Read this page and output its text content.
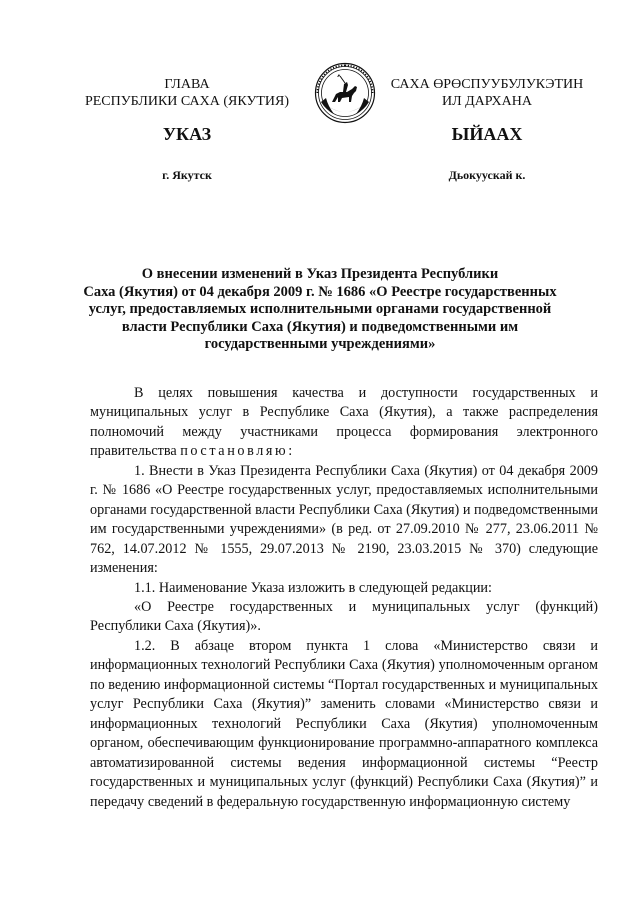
ГЛАВА
РЕСПУБЛИКИ САХА (ЯКУТИЯ)
САХА ӨРӨСПУУБУЛУКЭТИН
ИЛ ДАРХАНА
УКАЗ	ЫЙААХ
г. Якутск	Дьокуускай к.
О внесении изменений в Указ Президента Республики
Саха (Якутия) от 04 декабря 2009 г. № 1686 «О Реестре государственных
услуг, предоставляемых исполнительными органами государственной
власти Республики Саха (Якутия) и подведомственными им
государственными учреждениями»

В целях повышения качества и доступности государственных и муниципальных услуг в Республике Саха (Якутия), а также распределения полномочий между участниками процесса формирования электронного правительства постановляю:

1. Внести в Указ Президента Республики Саха (Якутия) от 04 декабря 2009 г. № 1686 «О Реестре государственных услуг, предоставляемых исполнительными органами государственной власти Республики Саха (Якутия) и подведомственными им государственными учреждениями» (в ред. от 27.09.2010 № 277, 23.06.2011 № 762, 14.07.2012 № 1555, 29.07.2013 № 2190, 23.03.2015 № 370) следующие изменения:

1.1. Наименование Указа изложить в следующей редакции:

«О Реестре государственных и муниципальных услуг (функций) Республики Саха (Якутия)».

1.2. В абзаце втором пункта 1 слова «Министерство связи и информационных технологий Республики Саха (Якутия) уполномоченным органом по ведению информационной системы “Портал государственных и муниципальных услуг Республики Саха (Якутия)” заменить словами «Министерство связи и информационных технологий Республики Саха (Якутия) уполномоченным органом, обеспечивающим функционирование программно-аппаратного комплекса автоматизированной системы ведения информационной системы “Реестр государственных и муниципальных услуг (функций) Республики Саха (Якутия)” и передачу сведений в федеральную государственную информационную систему
